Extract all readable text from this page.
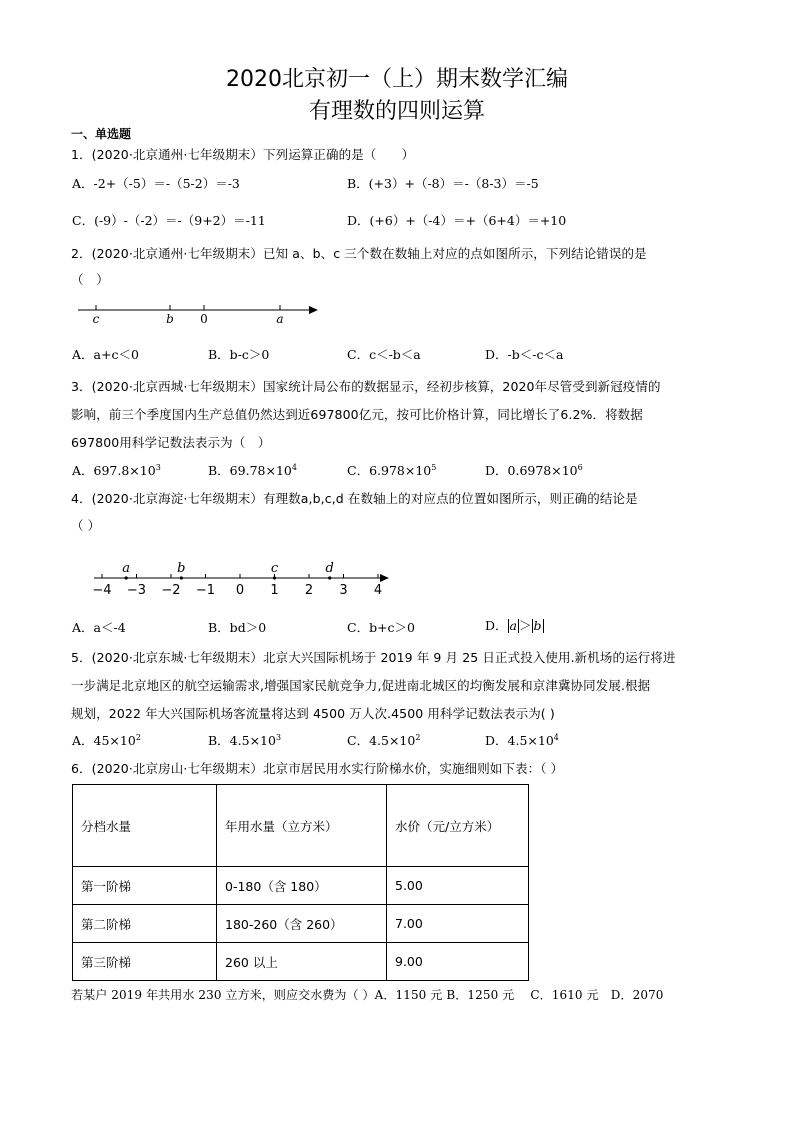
2020北京初一（上）期末数学汇编
有理数的四则运算
一、单选题
1．(2020·北京通州·七年级期末）下列运算正确的是（　　）
A．-2+（-5）＝-（5-2）＝-3	B．(+3）+（-8）＝-（8-3）＝-5
C．(-9）-（-2）＝-（9+2）＝-11	D．(+6）+（-4）＝+（6+4）＝+10
2．(2020·北京通州·七年级期末）已知 a、b、c 三个数在数轴上对应的点如图所示，下列结论错误的是
（　）
c	b 0	a
A．a+c＜0	B．b-c＞0	C．c＜-b＜a	D．-b＜-c＜a
3．(2020·北京西城·七年级期末）国家统计局公布的数据显示，经初步核算，2020年尽管受到新冠疫情的
影响，前三个季度国内生产总值仍然达到近697800亿元，按可比价格计算，同比增长了6.2%．将数据
697800用科学记数法表示为（　）
A．$697.8\times 10^3$	B．$69.78\times 10^4$	C．$6.978\times 10^5$	D．$0.6978\times 10^6$
4．(2020·北京海淀·七年级期末）有理数a,b,c,d 在数轴上的对应点的位置如图所示，则正确的结论是
（ ）
−4 −3 −2 −1 0 1 2 3 4
a	b	c	d
A．a＜-4	B．bd＞0	C．b+c＞0	D． a ＞ b
5．(2020·北京东城·七年级期末）北京大兴国际机场于 2019 年 9 月 25 日正式投入使用.新机场的运行将进
一步满足北京地区的航空运输需求,增强国家民航竞争力,促进南北城区的均衡发展和京津冀协同发展.根据
规划，2022 年大兴国际机场客流量将达到 4500 万人次.4500 用科学记数法表示为( )
A．$45\times 10^2$	B．$4.5\times 10^3$	C．$4.5\times 10^2$	D．$4.5\times 10^4$
6．(2020·北京房山·七年级期末）北京市居民用水实行阶梯水价，实施细则如下表：（ ）
分档水量	年用水量（立方米）	水价（元/立方米）
第一阶梯	0-180（含 180）	5.00
第二阶梯	180-260（含 260）	7.00
第三阶梯	260 以上	9.00
若某户 2019 年共用水 230 立方米，则应交水费为（ ）A．1150 元 B．1250 元　 C．1610 元　D．2070
